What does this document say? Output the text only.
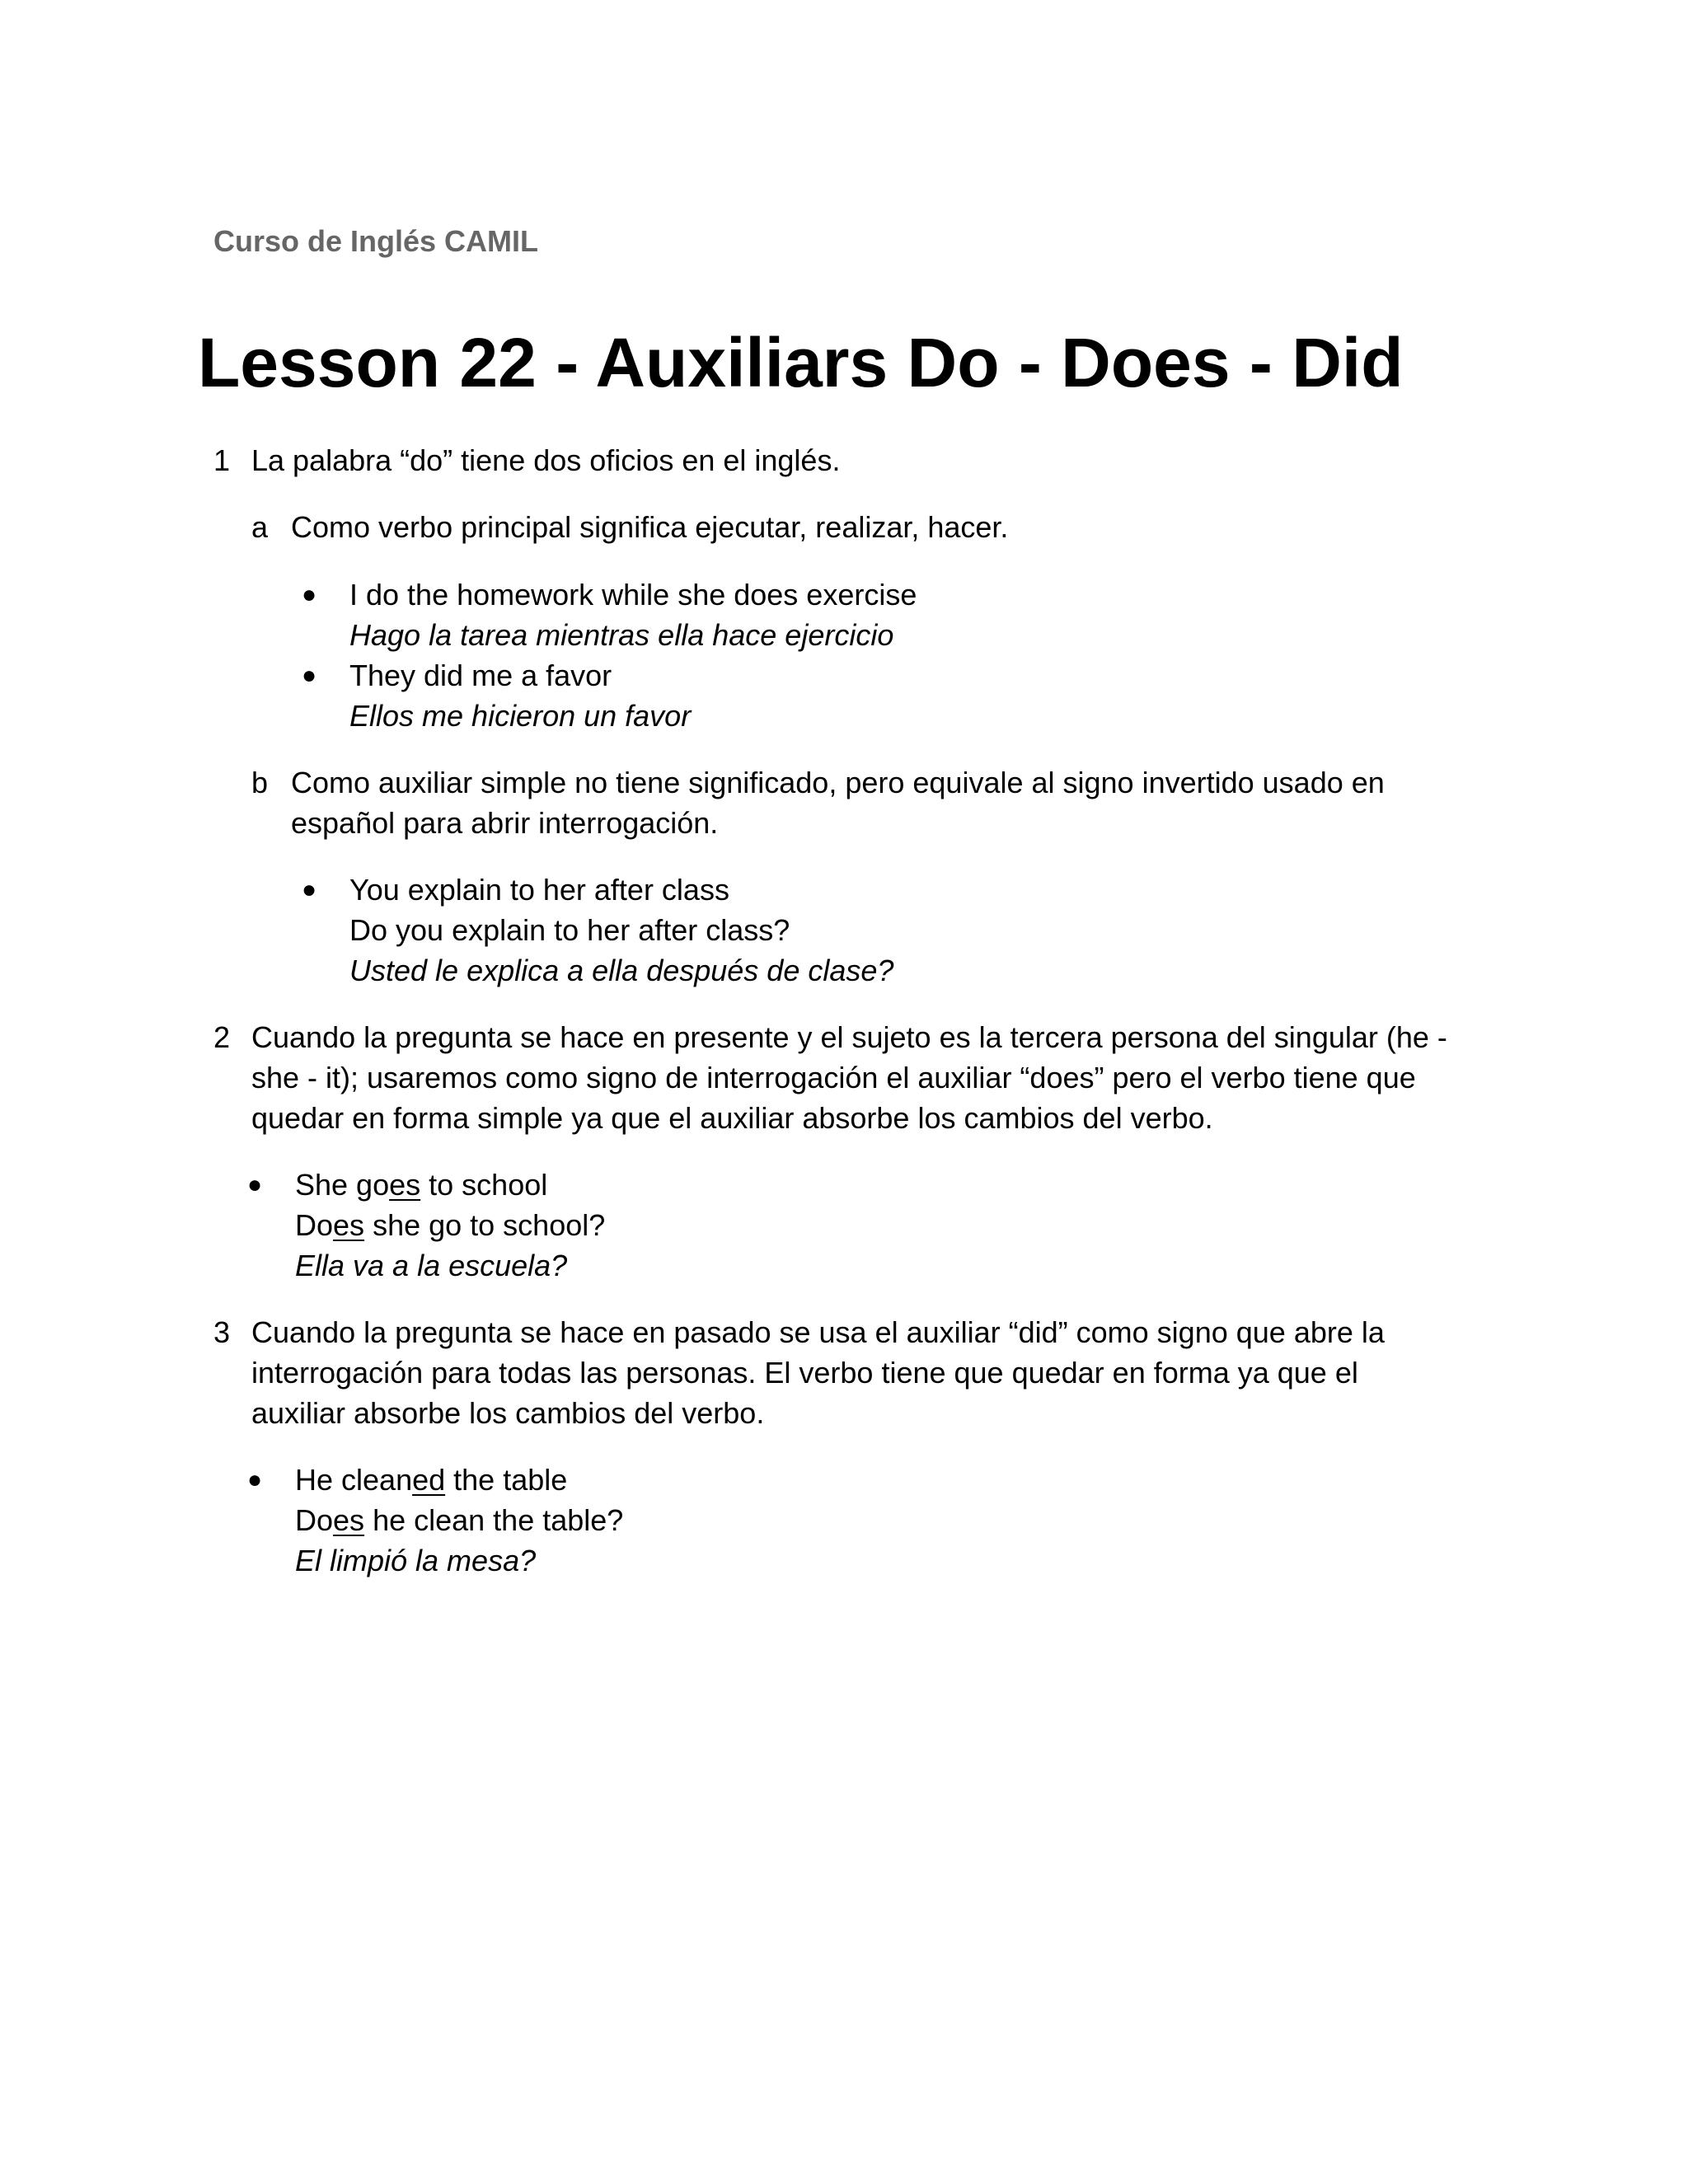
Curso de Inglés CAMIL
Lesson 22 - Auxiliars Do - Does - Did
1 La palabra “do” tiene dos oficios en el inglés.
a Como verbo principal significa ejecutar, realizar, hacer.
● I do the homework while she does exercise
Hago la tarea mientras ella hace ejercicio
● They did me a favor
Ellos me hicieron un favor
b Como auxiliar simple no tiene significado, pero equivale al signo invertido usado en
español para abrir interrogación.
● You explain to her after class
Do you explain to her after class?
Usted le explica a ella después de clase?
2 Cuando la pregunta se hace en presente y el sujeto es la tercera persona del singular (he -
she - it); usaremos como signo de interrogación el auxiliar “does” pero el verbo tiene que
quedar en forma simple ya que el auxiliar absorbe los cambios del verbo.
● She goes to school
Does she go to school?
Ella va a la escuela?
3 Cuando la pregunta se hace en pasado se usa el auxiliar “did” como signo que abre la
interrogación para todas las personas. El verbo tiene que quedar en forma ya que el
auxiliar absorbe los cambios del verbo.
● He cleaned the table
Does he clean the table?
El limpió la mesa?
